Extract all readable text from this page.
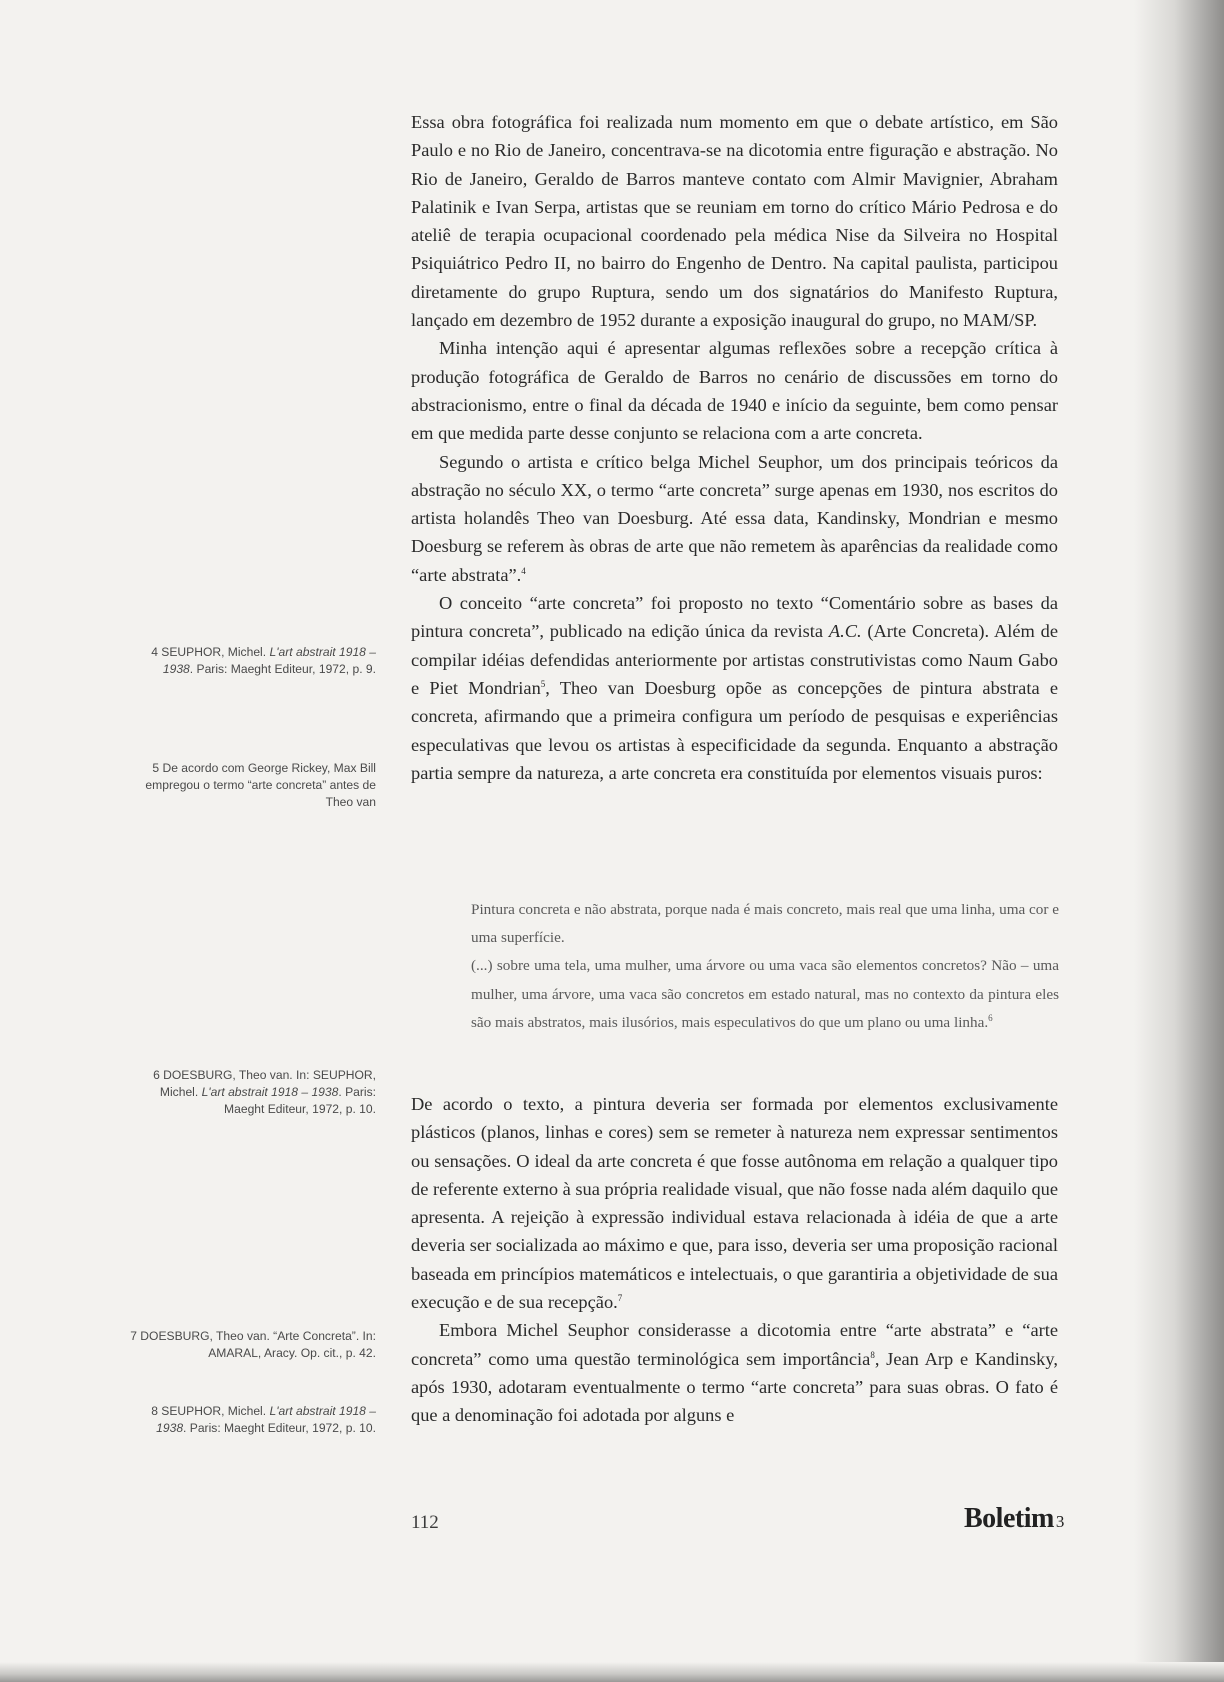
Essa obra fotográfica foi realizada num momento em que o debate artístico, em São Paulo e no Rio de Janeiro, concentrava-se na dicotomia entre figuração e abstração. No Rio de Janeiro, Geraldo de Barros manteve contato com Almir Mavignier, Abraham Palatinik e Ivan Serpa, artistas que se reuniam em torno do crítico Mário Pedrosa e do ateliê de terapia ocupacional coordenado pela médica Nise da Silveira no Hospital Psiquiátrico Pedro II, no bairro do Engenho de Dentro. Na capital paulista, participou diretamente do grupo Ruptura, sendo um dos signatários do Manifesto Ruptura, lançado em dezembro de 1952 durante a exposição inaugural do grupo, no MAM/SP.

Minha intenção aqui é apresentar algumas reflexões sobre a recepção crítica à produção fotográfica de Geraldo de Barros no cenário de discussões em torno do abstracionismo, entre o final da década de 1940 e início da seguinte, bem como pensar em que medida parte desse conjunto se relaciona com a arte concreta.

Segundo o artista e crítico belga Michel Seuphor, um dos principais teóricos da abstração no século XX, o termo “arte concreta” surge apenas em 1930, nos escritos do artista holandês Theo van Doesburg. Até essa data, Kandinsky, Mondrian e mesmo Doesburg se referem às obras de arte que não remetem às aparências da realidade como “arte abstrata”.$^4$

O conceito “arte concreta” foi proposto no texto “Comentário sobre as bases da pintura concreta”, publicado na edição única da revista A.C. (Arte Concreta). Além de compilar idéias defendidas anteriormente por artistas construtivistas como Naum Gabo e Piet Mondrian$^5$, Theo van Doesburg opõe as concepções de pintura abstrata e concreta, afirmando que a primeira configura um período de pesquisas e experiências especulativas que levou os artistas à especificidade da segunda. Enquanto a abstração partia sempre da natureza, a arte concreta era constituída por elementos visuais puros:

Pintura concreta e não abstrata, porque nada é mais concreto, mais real que uma linha, uma cor e uma superfície.

(...) sobre uma tela, uma mulher, uma árvore ou uma vaca são elementos concretos? Não – uma mulher, uma árvore, uma vaca são concretos em estado natural, mas no contexto da pintura eles são mais abstratos, mais ilusórios, mais especulativos do que um plano ou uma linha.$^6$

De acordo o texto, a pintura deveria ser formada por elementos exclusivamente plásticos (planos, linhas e cores) sem se remeter à natureza nem expressar sentimentos ou sensações. O ideal da arte concreta é que fosse autônoma em relação a qualquer tipo de referente externo à sua própria realidade visual, que não fosse nada além daquilo que apresenta. A rejeição à expressão individual estava relacionada à idéia de que a arte deveria ser socializada ao máximo e que, para isso, deveria ser uma proposição racional baseada em princípios matemáticos e intelectuais, o que garantiria a objetividade de sua execução e de sua recepção.$^7$

Embora Michel Seuphor considerasse a dicotomia entre “arte abstrata” e “arte concreta” como uma questão terminológica sem importância$^8$, Jean Arp e Kandinsky, após 1930, adotaram eventualmente o termo “arte concreta” para suas obras. O fato é que a denominação foi adotada por alguns e

4 SEUPHOR, Michel. L'art abstrait 1918 – 1938. Paris: Maeght Editeur, 1972, p. 9.
5 De acordo com George Rickey, Max Bill empregou o termo “arte concreta” antes de Theo van
6 DOESBURG, Theo van. In: SEUPHOR, Michel. L'art abstrait 1918 – 1938. Paris: Maeght Editeur, 1972, p. 10.
7 DOESBURG, Theo van. “Arte Concreta”. In: AMARAL, Aracy. Op. cit., p. 42.
8 SEUPHOR, Michel. L'art abstrait 1918 – 1938. Paris: Maeght Editeur, 1972, p. 10.
112	Boletim 3
